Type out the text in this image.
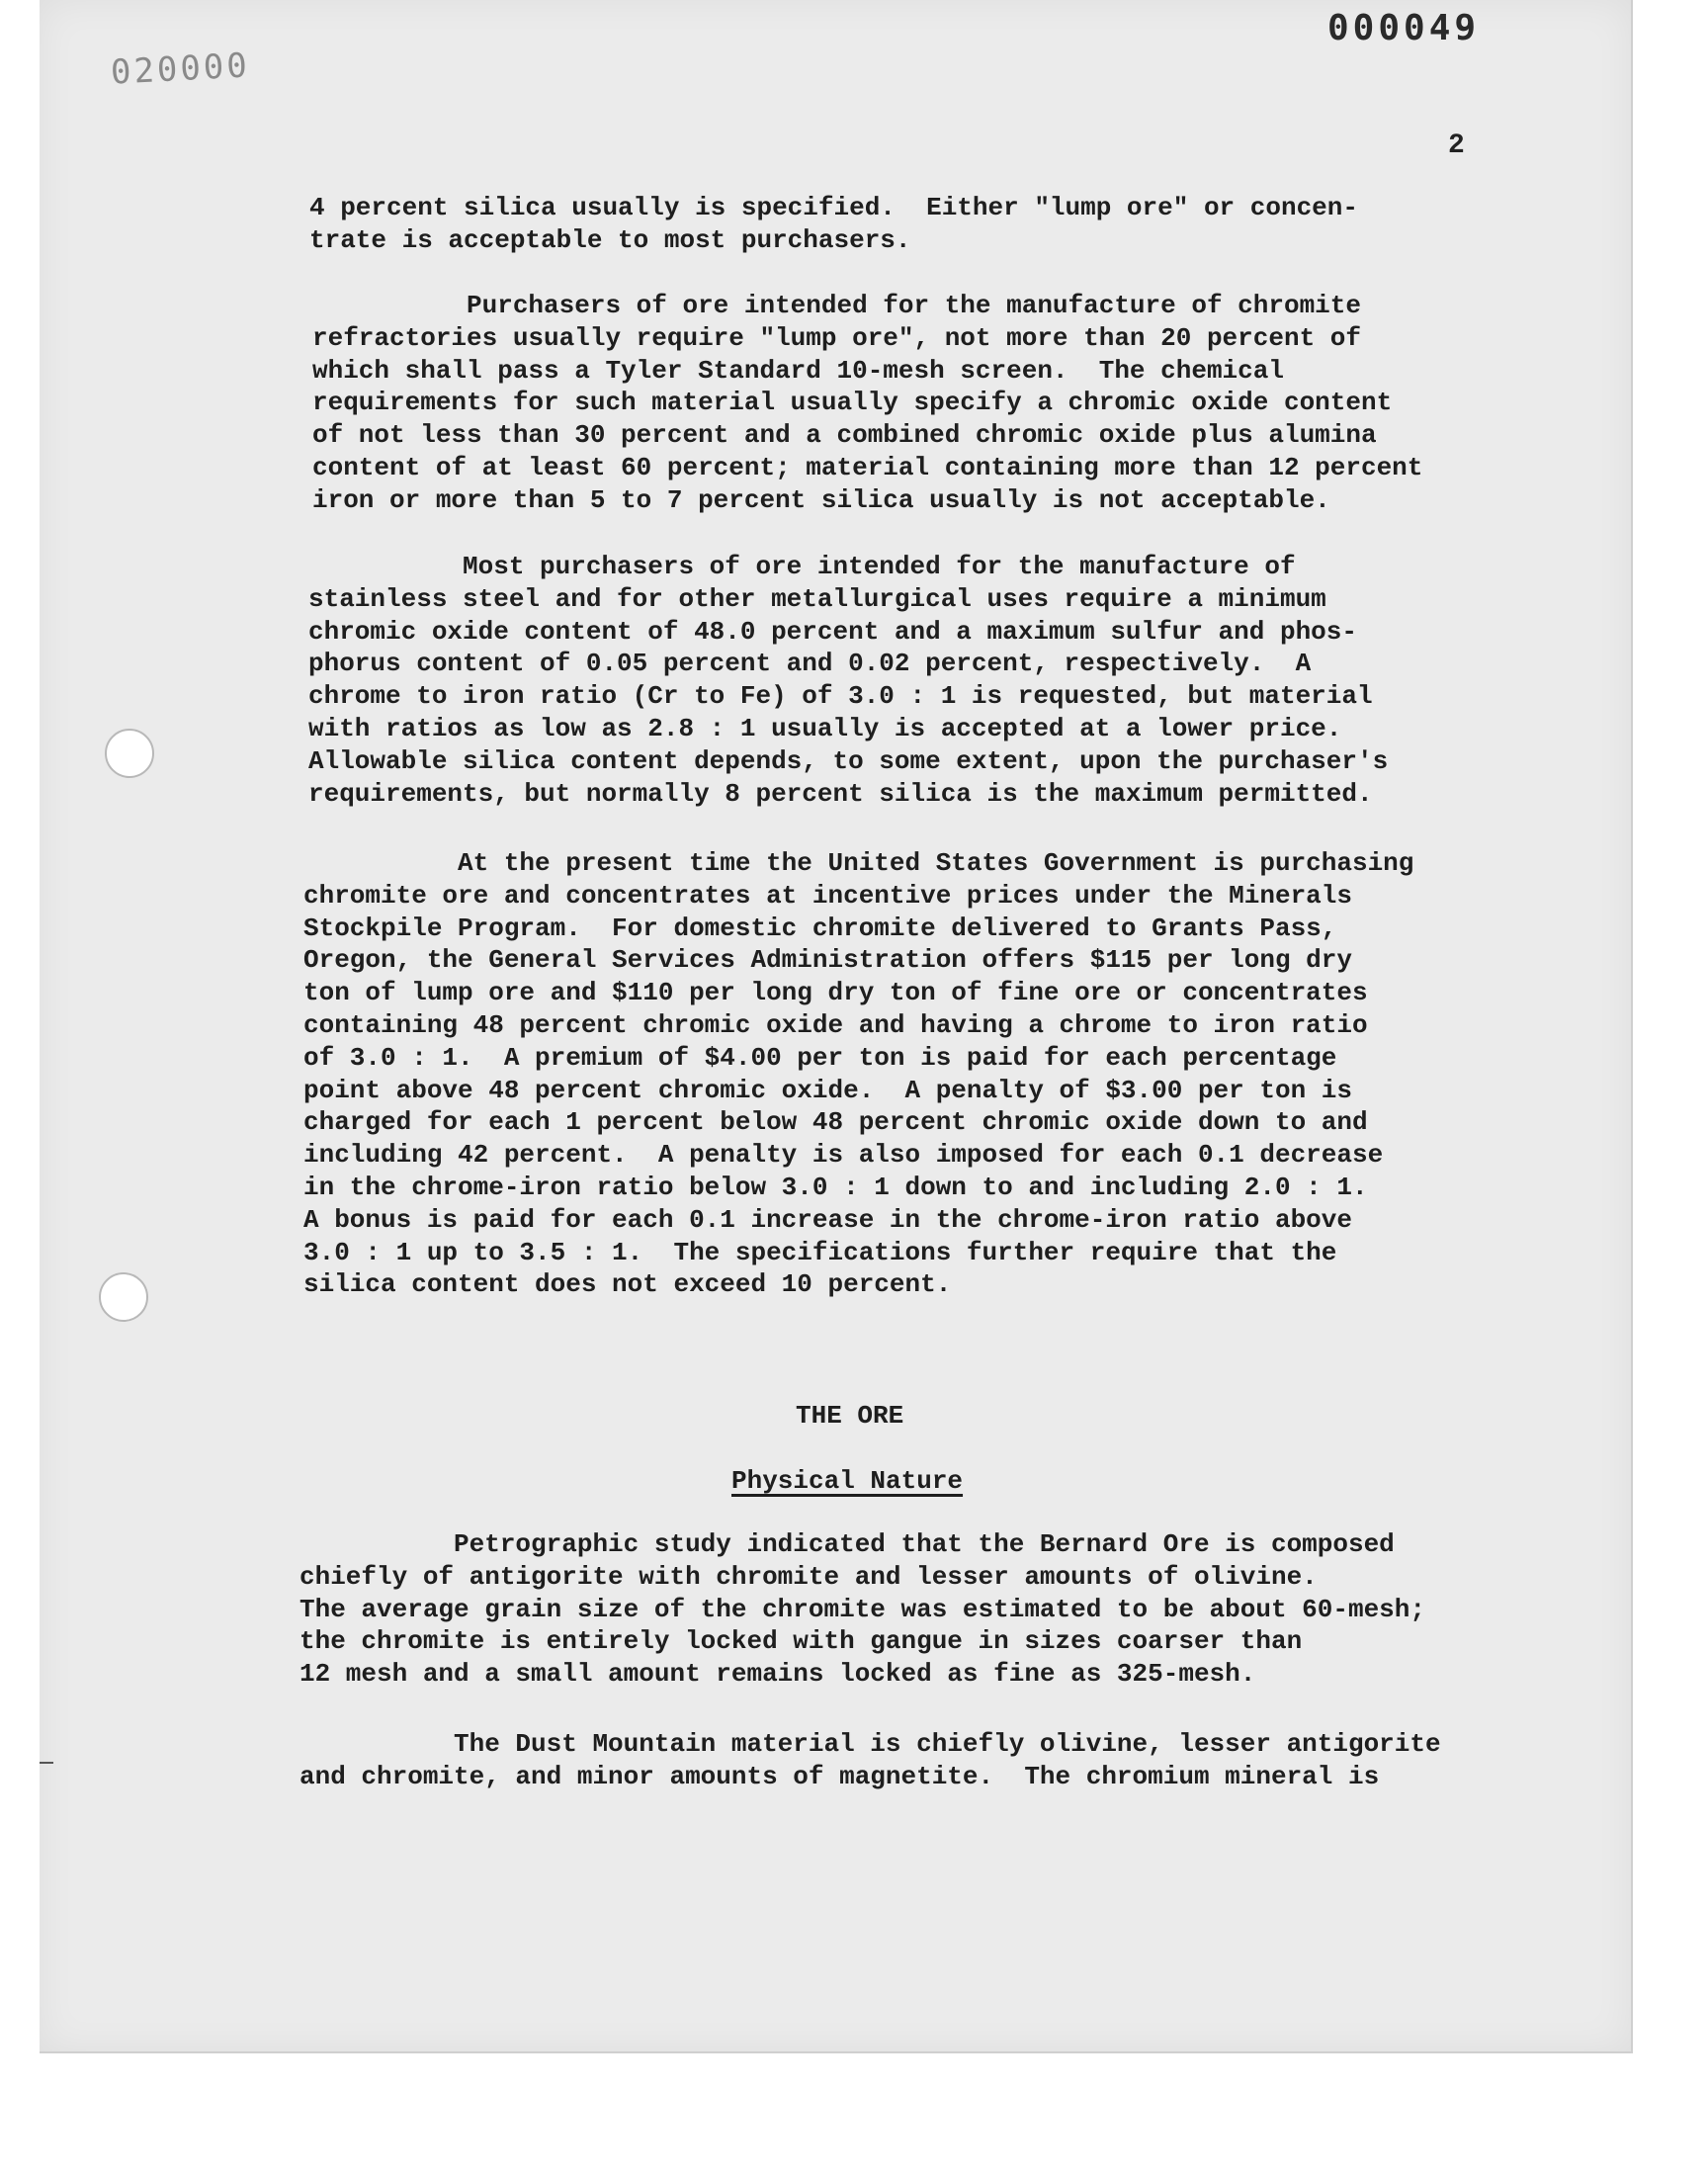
000049
020000
2
4 percent silica usually is specified.  Either "lump ore" or concen-
trate is acceptable to most purchasers.
Purchasers of ore intended for the manufacture of chromite
refractories usually require "lump ore", not more than 20 percent of
which shall pass a Tyler Standard 10-mesh screen.  The chemical
requirements for such material usually specify a chromic oxide content
of not less than 30 percent and a combined chromic oxide plus alumina
content of at least 60 percent; material containing more than 12 percent
iron or more than 5 to 7 percent silica usually is not acceptable.
Most purchasers of ore intended for the manufacture of
stainless steel and for other metallurgical uses require a minimum
chromic oxide content of 48.0 percent and a maximum sulfur and phos-
phorus content of 0.05 percent and 0.02 percent, respectively.  A
chrome to iron ratio (Cr to Fe) of 3.0 : 1 is requested, but material
with ratios as low as 2.8 : 1 usually is accepted at a lower price.
Allowable silica content depends, to some extent, upon the purchaser's
requirements, but normally 8 percent silica is the maximum permitted.
At the present time the United States Government is purchasing
chromite ore and concentrates at incentive prices under the Minerals
Stockpile Program.  For domestic chromite delivered to Grants Pass,
Oregon, the General Services Administration offers $115 per long dry
ton of lump ore and $110 per long dry ton of fine ore or concentrates
containing 48 percent chromic oxide and having a chrome to iron ratio
of 3.0 : 1.  A premium of $4.00 per ton is paid for each percentage
point above 48 percent chromic oxide.  A penalty of $3.00 per ton is
charged for each 1 percent below 48 percent chromic oxide down to and
including 42 percent.  A penalty is also imposed for each 0.1 decrease
in the chrome-iron ratio below 3.0 : 1 down to and including 2.0 : 1.
A bonus is paid for each 0.1 increase in the chrome-iron ratio above
3.0 : 1 up to 3.5 : 1.  The specifications further require that the
silica content does not exceed 10 percent.
THE ORE
Physical Nature
Petrographic study indicated that the Bernard Ore is composed
chiefly of antigorite with chromite and lesser amounts of olivine.
The average grain size of the chromite was estimated to be about 60-mesh;
the chromite is entirely locked with gangue in sizes coarser than
12 mesh and a small amount remains locked as fine as 325-mesh.
The Dust Mountain material is chiefly olivine, lesser antigorite
and chromite, and minor amounts of magnetite.  The chromium mineral is
